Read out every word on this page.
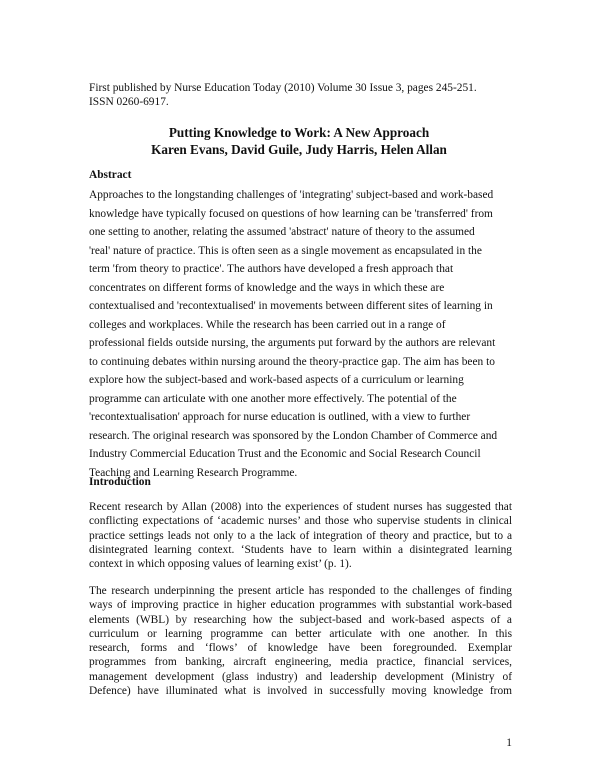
First published by Nurse Education Today (2010) Volume 30 Issue 3, pages 245-251.
ISSN 0260-6917.
Putting Knowledge to Work: A New Approach
Karen Evans, David Guile, Judy Harris, Helen Allan
Abstract
Approaches to the longstanding challenges of 'integrating' subject-based and work-based
knowledge have typically focused on questions of how learning can be 'transferred' from
one setting to another, relating the assumed 'abstract' nature of theory to the assumed
'real' nature of practice. This is often seen as a single movement as encapsulated in the
term 'from theory to practice'. The authors have developed a fresh approach that
concentrates on different forms of knowledge and the ways in which these are
contextualised and 'recontextualised' in movements between different sites of learning in
colleges and workplaces. While the research has been carried out in a range of
professional fields outside nursing, the arguments put forward by the authors are relevant
to continuing debates within nursing around the theory-practice gap. The aim has been to
explore how the subject-based and work-based aspects of a curriculum or learning
programme can articulate with one another more effectively. The potential of the
'recontextualisation' approach for nurse education is outlined, with a view to further
research. The original research was sponsored by the London Chamber of Commerce and
Industry Commercial Education Trust and the Economic and Social Research Council
Teaching and Learning Research Programme.
Introduction
Recent research by Allan (2008) into the experiences of student nurses has suggested that
conflicting expectations of ‘academic nurses’ and those who supervise students in clinical
practice settings leads not only to a the lack of integration of theory and practice, but to a
disintegrated learning context. ‘Students have to learn within a disintegrated learning
context in which opposing values of learning exist’ (p. 1).
The research underpinning the present article has responded to the challenges of finding
ways of improving practice in higher education programmes with substantial work-based
elements (WBL) by researching how the subject-based and work-based aspects of a
curriculum or learning programme can better articulate with one another. In this
research, forms and ‘flows’ of knowledge have been foregrounded. Exemplar
programmes from banking, aircraft engineering, media practice, financial services,
management development (glass industry) and leadership development (Ministry of
Defence) have illuminated what is involved in successfully moving knowledge from
1
